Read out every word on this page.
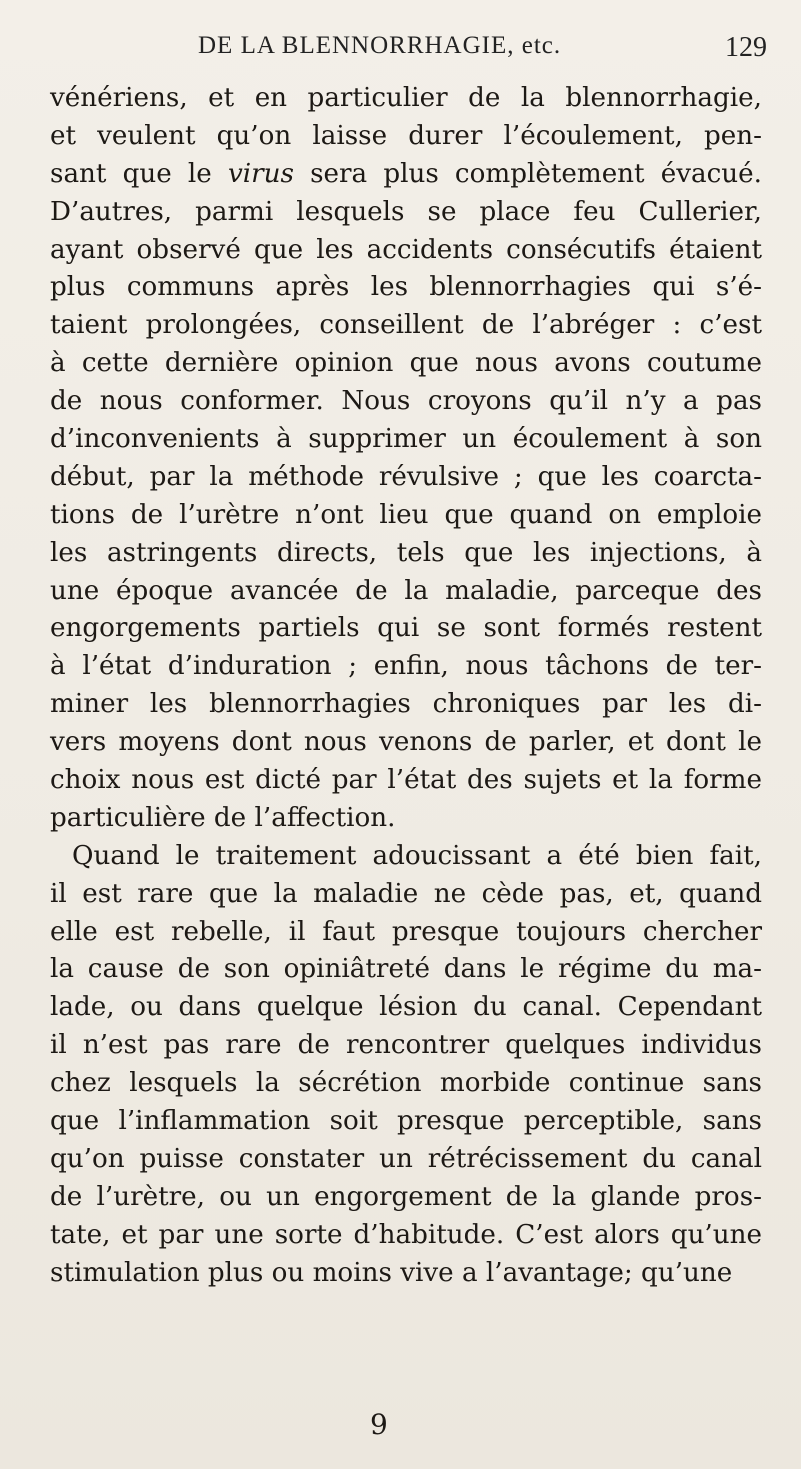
DE LA BLENNORRHAGIE, etc.	129
vénériens, et en particulier de la blennorrhagie,
et veulent qu’on laisse durer l’écoulement, pen-
sant que le virus sera plus complètement évacué.
D’autres, parmi lesquels se place feu Cullerier,
ayant observé que les accidents consécutifs étaient
plus communs après les blennorrhagies qui s’é-
taient prolongées, conseillent de l’abréger : c’est
à cette dernière opinion que nous avons coutume
de nous conformer. Nous croyons qu’il n’y a pas
d’inconvenients à supprimer un écoulement à son
début, par la méthode révulsive ; que les coarcta-
tions de l’urètre n’ont lieu que quand on emploie
les astringents directs, tels que les injections, à
une époque avancée de la maladie, parceque des
engorgements partiels qui se sont formés restent
à l’état d’induration ; enfin, nous tâchons de ter-
miner les blennorrhagies chroniques par les di-
vers moyens dont nous venons de parler, et dont le
choix nous est dicté par l’état des sujets et la forme
particulière de l’affection.
Quand le traitement adoucissant a été bien fait,
il est rare que la maladie ne cède pas, et, quand
elle est rebelle, il faut presque toujours chercher
la cause de son opiniâtreté dans le régime du ma-
lade, ou dans quelque lésion du canal. Cependant
il n’est pas rare de rencontrer quelques individus
chez lesquels la sécrétion morbide continue sans
que l’inflammation soit presque perceptible, sans
qu’on puisse constater un rétrécissement du canal
de l’urètre, ou un engorgement de la glande pros-
tate, et par une sorte d’habitude. C’est alors qu’une
stimulation plus ou moins vive a l’avantage; qu’une
9
